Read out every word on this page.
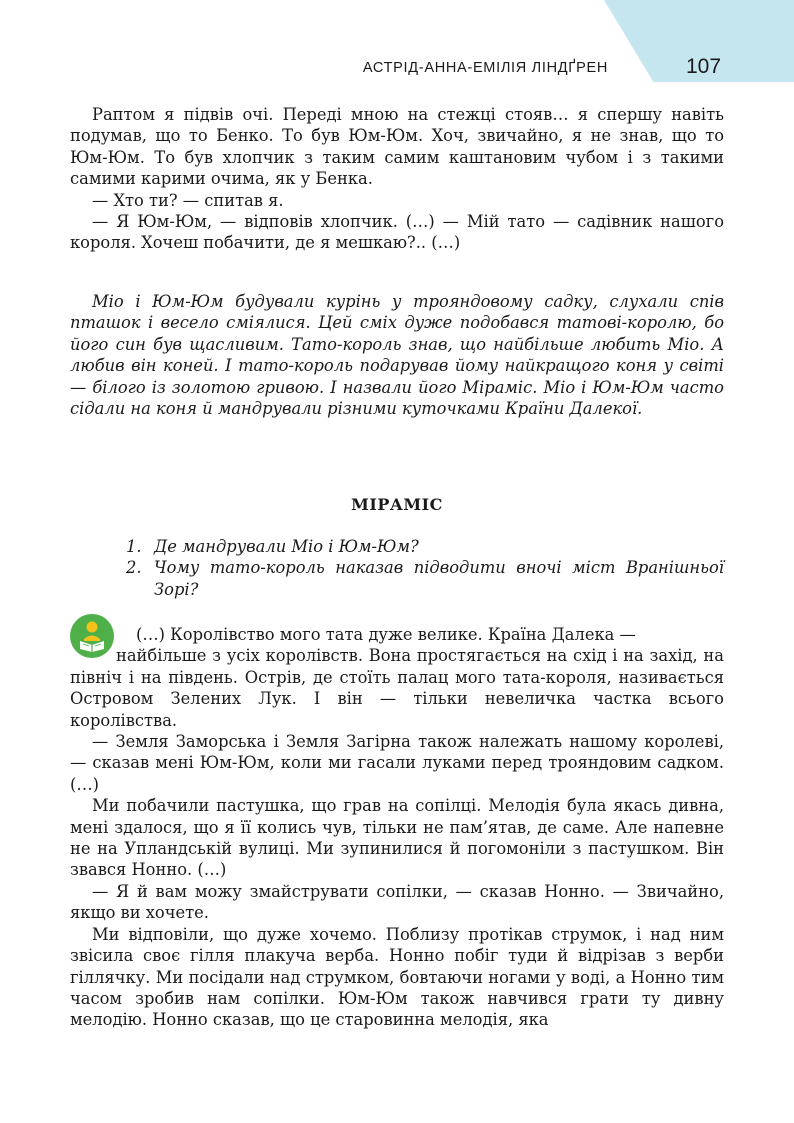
АСТРІД-АННА-ЕМІЛІЯ ЛІНДҐРЕН	107

Раптом я підвів очі. Переді мною на стежці стояв… я спершу навіть подумав, що то Бенко. То був Юм-Юм. Хоч, звичайно, я не знав, що то Юм-Юм. То був хлопчик з таким самим каштановим чубом і з такими самими карими очима, як у Бенка.

— Хто ти? — спитав я.

— Я Юм-Юм, — відповів хлопчик. (…) — Мій тато — садівник нашого короля. Хочеш побачити, де я мешкаю?.. (…)

Міо і Юм-Юм будували курінь у трояндовому садку, слухали спів пташок і весело сміялися. Цей сміх дуже подобався татові-королю, бо його син був щасливим. Тато-король знав, що найбільше любить Міо. А любив він коней. І тато-король подарував йому найкращого коня у світі — білого із золотою гривою. І назвали його Мірамiс. Міо і Юм-Юм часто сідали на коня й мандрували різними куточками Країни Далекої.

МІРАМІС
1. Де мандрували Міо і Юм-Юм?
2. Чому тато-король наказав підводити вночі міст Вранішньої Зорі?

(…) Королівство мого тата дуже велике. Країна Далека —
найбільше з усіх королівств. Вона простягається на схід і на захід, на північ і на південь. Острів, де стоїть палац мого тата-короля, називається Островом Зелених Лук. І він — тільки невеличка частка всього королівства.

— Земля Заморська і Земля Загірна також належать нашому королеві, — сказав мені Юм-Юм, коли ми гасали луками перед трояндовим садком. (…)

Ми побачили пастушка, що грав на сопілці. Мелодія була якась дивна, мені здалося, що я її колись чув, тільки не пам’ятав, де саме. Але напевне не на Упландській вулиці. Ми зупинилися й погомоніли з пастушком. Він звався Нонно. (…)

— Я й вам можу змайструвати сопілки, — сказав Нонно. — Звичайно, якщо ви хочете.

Ми відповіли, що дуже хочемо. Поблизу протікав струмок, і над ним звісила своє гілля плакуча верба. Нонно побіг туди й відрізав з верби гіллячку. Ми посідали над струмком, бовтаючи ногами у воді, а Нонно тим часом зробив нам сопілки. Юм-Юм також навчився грати ту дивну мелодію. Нонно сказав, що це старовинна мелодія, яка
